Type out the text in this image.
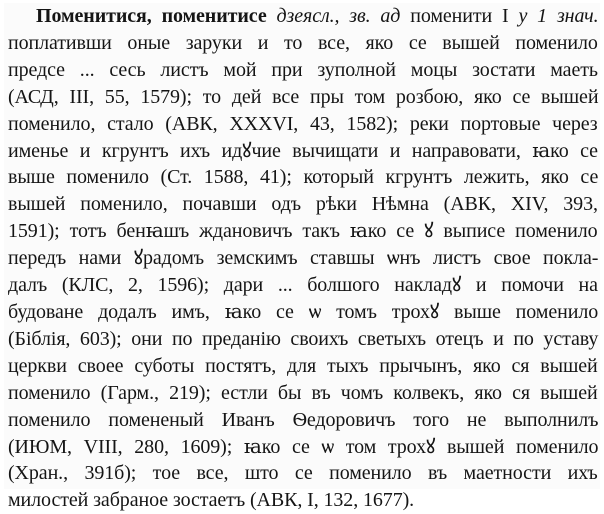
Поменитися, поменитисе дзеясл., зв. ад поменити I у 1 знач.
поплативши оные заруки и то все, яко се вышей поменило
предсе ... сесь листъ мой при зуполной моцы зостати маеть
(АСД, III, 55, 1579); то дей все пры том розбою, яко се вышей
поменило, стало (АВК, XXXVI, 43, 1582); реки портовые через
именье и кгрунтъ ихъ идꙋчие вычищати и направовати, ꙗко се
выше поменило (Ст. 1588, 41); который кгрунтъ лежить, яко се
вышей поменило, почавши одъ рѣки Нѣмна (АВК, XIV, 393,
1591); тотъ бенꙗшъ ждановичъ такъ ꙗко се ꙋ выписе поменило
передъ нами ꙋрадомъ земскимъ ставшы ѡнъ листъ свое покла-
далъ (КЛС, 2, 1596); дари ... болшого накладꙋ и помочи на
будоване додалъ имъ, ꙗко се ѡ томъ трохꙋ выше поменило
(Біблія, 603); они по преданію своихъ светыхъ отецъ и по уставу
церкви своее суботы постятъ, для тыхъ прычынъ, яко ся вышей
поменило (Гарм., 219); естли бы въ чомъ колвекъ, яко ся вышей
поменило помененый Иванъ Ѳедоровичъ того не выполнилъ
(ИЮМ, VIII, 280, 1609); ꙗко се ѡ том трохꙋ вышей поменило
(Хран., 391б); тое все, што се поменило въ маетности ихъ
милостей забраное зостаетъ (АВК, I, 132, 1677).
